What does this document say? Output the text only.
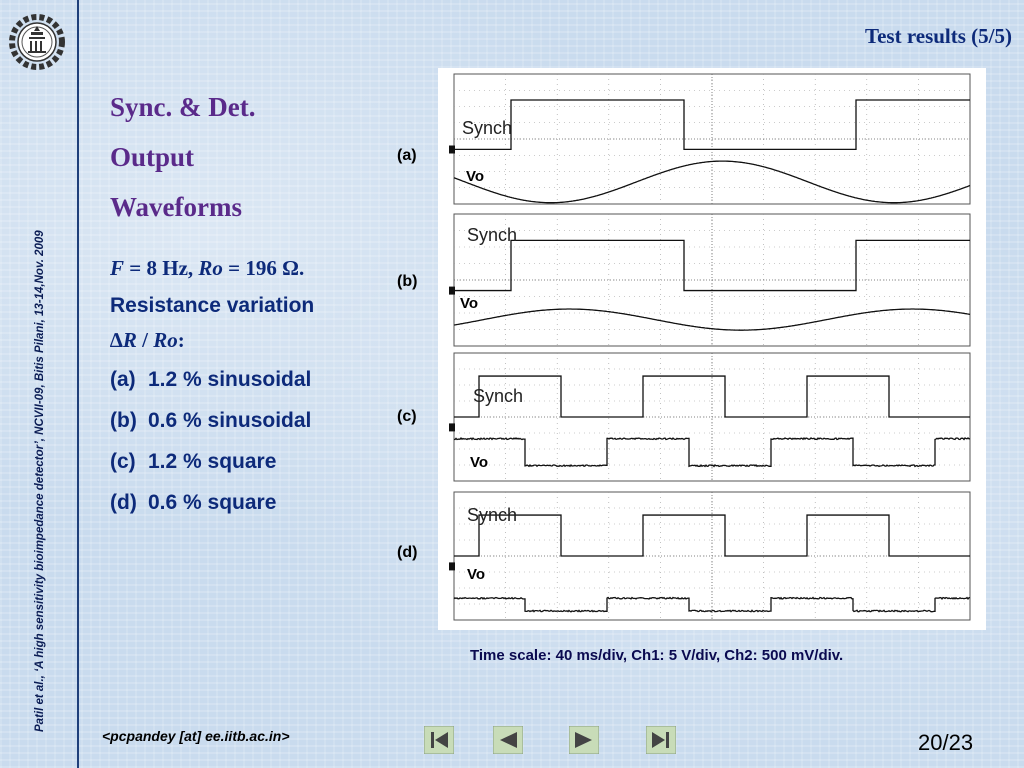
Patil et al., ‘A high sensitivity bioimpedance detector’, NCVII-09, Bitis Pilani, 13-14,Nov. 2009
Test results (5/5)
Sync. & Det.
Output
Waveforms
F = 8 Hz, Ro = 196 Ω.
Resistance variation
∆R / Ro:
(a) 1.2 % sinusoidal
(b) 0.6 % sinusoidal
(c) 1.2 % square
(d) 0.6 % square
Synch
Vo
(a)
Synch
Vo
(b)
Synch
Vo
(c)
Synch
Vo
(d)
Time scale: 40 ms/div, Ch1: 5 V/div, Ch2: 500 mV/div.
<pcpandey [at] ee.iitb.ac.in>	20/23
